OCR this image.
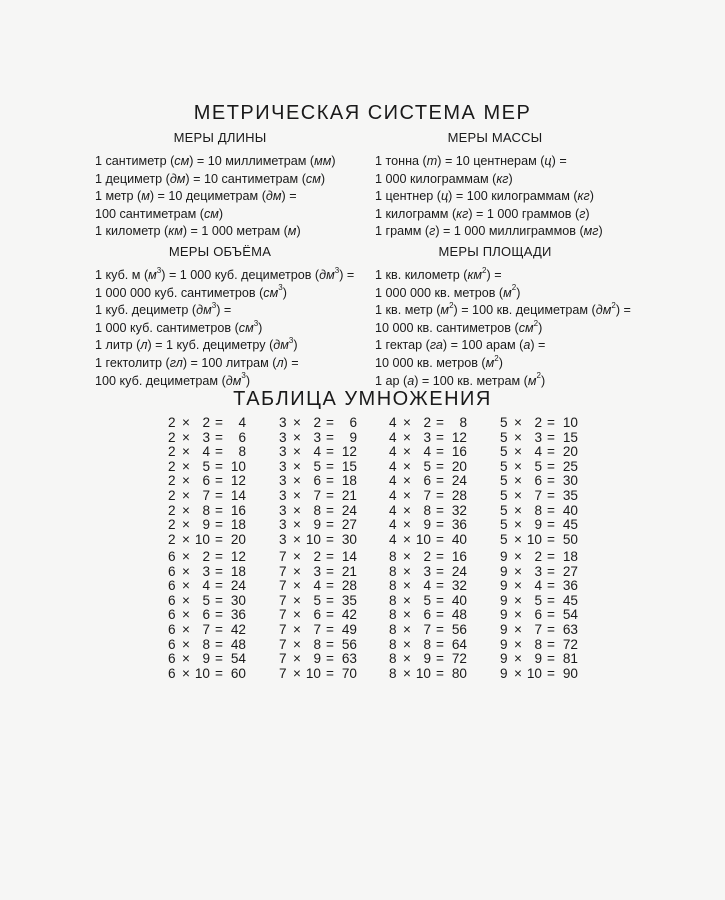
МЕТРИЧЕСКАЯ СИСТЕМА МЕР
МЕРЫ ДЛИНЫ
1 сантиметр (см) = 10 миллиметрам (мм)
1 дециметр (дм) = 10 сантиметрам (см)
1 метр (м) = 10 дециметрам (дм) =
100 сантиметрам (см)
1 километр (км) = 1 000 метрам (м)
МЕРЫ МАССЫ
1 тонна (т) = 10 центнерам (ц) =
1 000 килограммам (кг)
1 центнер (ц) = 100 килограммам (кг)
1 килограмм (кг) = 1 000 граммов (г)
1 грамм (г) = 1 000 миллиграммов (мг)
МЕРЫ ОБЪЁМА
1 куб. м $(м^3) = 1$ 000 куб. дециметров $(дм^3)$ =
1 000 000 куб. сантиметров $(см^3)$
1 куб. дециметр $(дм^3)$ =
1 000 куб. сантиметров $(см^3)$
1 литр (л) = 1 куб. дециметру $(дм^3)$
1 гектолитр (гл) = 100 литрам (л) =
100 куб. дециметрам $(дм^3)$
МЕРЫ ПЛОЩАДИ
1 кв. километр $(км^2)$ =
1 000 000 кв. метров $(м^2)$
1 кв. метр $(м^2) = 100$ кв. дециметрам $(дм^2)$ =
10 000 кв. сантиметров $(см^2)$
1 гектар (га) = 100 арам (а) =
10 000 кв. метров $(м^2)$
1 ар (а) = 100 кв. метрам $(м^2)$
ТАБЛИЦА УМНОЖЕНИЯ
2 × 2 =	4
2 × 3 =	6
2 × 4 =	8
2 × 5 = 10
2 × 6 = 12
2 × 7 = 14
2 × 8 = 16
2 × 9 = 18
2 × 10 = 20
3 × 2 =	6
3 × 3 =	9
3 × 4 = 12
3 × 5 = 15
3 × 6 = 18
3 × 7 = 21
3 × 8 = 24
3 × 9 = 27
3 × 10 = 30
4 × 2 =	8
4 × 3 = 12
4 × 4 = 16
4 × 5 = 20
4 × 6 = 24
4 × 7 = 28
4 × 8 = 32
4 × 9 = 36
4 × 10 = 40
5 × 2 = 10
5 × 3 = 15
5 × 4 = 20
5 × 5 = 25
5 × 6 = 30
5 × 7 = 35
5 × 8 = 40
5 × 9 = 45
5 × 10 = 50
6 × 2 = 12
6 × 3 = 18
6 × 4 = 24
6 × 5 = 30
6 × 6 = 36
6 × 7 = 42
6 × 8 = 48
6 × 9 = 54
6 × 10 = 60
7 × 2 = 14
7 × 3 = 21
7 × 4 = 28
7 × 5 = 35
7 × 6 = 42
7 × 7 = 49
7 × 8 = 56
7 × 9 = 63
7 × 10 = 70
8 × 2 = 16
8 × 3 = 24
8 × 4 = 32
8 × 5 = 40
8 × 6 = 48
8 × 7 = 56
8 × 8 = 64
8 × 9 = 72
8 × 10 = 80
9 × 2 = 18
9 × 3 = 27
9 × 4 = 36
9 × 5 = 45
9 × 6 = 54
9 × 7 = 63
9 × 8 = 72
9 × 9 = 81
9 × 10 = 90
